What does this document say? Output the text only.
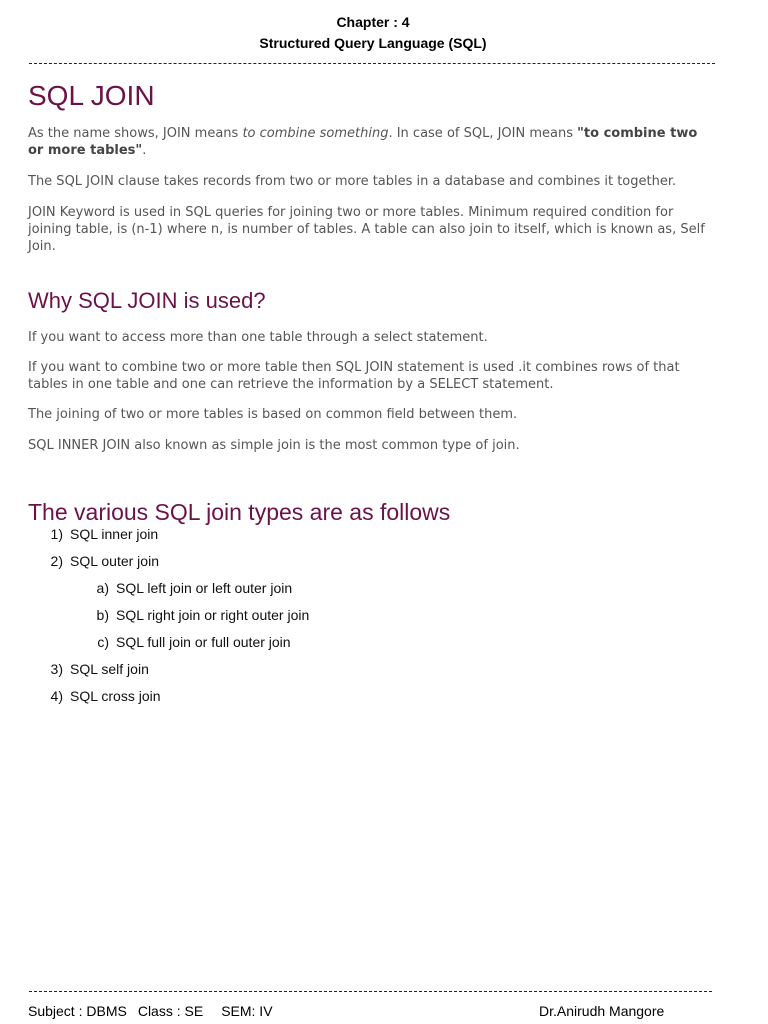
Chapter : 4
Structured Query Language (SQL)
SQL JOIN

As the name shows, JOIN means to combine something. In case of SQL, JOIN means "to combine two or more tables".

The SQL JOIN clause takes records from two or more tables in a database and combines it together.

JOIN Keyword is used in SQL queries for joining two or more tables. Minimum required condition for joining table, is (n-1) where n, is number of tables. A table can also join to itself, which is known as, Self Join.

Why SQL JOIN is used?

If you want to access more than one table through a select statement.

If you want to combine two or more table then SQL JOIN statement is used .it combines rows of that tables in one table and one can retrieve the information by a SELECT statement.

The joining of two or more tables is based on common field between them.

SQL INNER JOIN also known as simple join is the most common type of join.

The various SQL join types are as follows
1) SQL inner join
2) SQL outer join
a) SQL left join or left outer join
b) SQL right join or right outer join
c) SQL full join or full outer join
3) SQL self join
4) SQL cross join
Subject : DBMS Class : SE SEM: IV	Dr.Anirudh Mangore
